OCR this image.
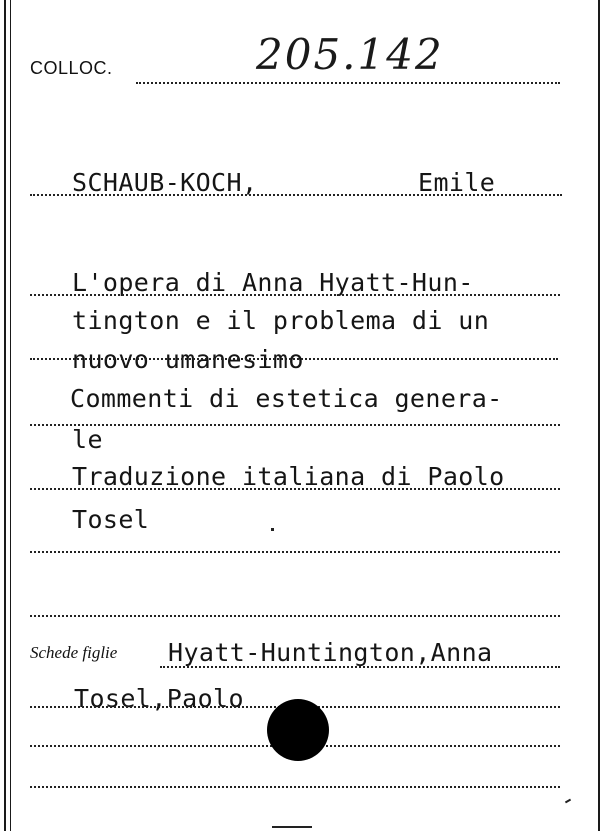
COLLOC.	205.142
SCHAUB-KOCH,	Emile
L'opera di Anna Hyatt-Hun-
tington e il problema di un
nuovo umanesimo
Commenti di estetica genera-
le
Traduzione italiana di Paolo
Tosel
Schede figlie Hyatt-Huntington,Anna
Tosel,Paolo
